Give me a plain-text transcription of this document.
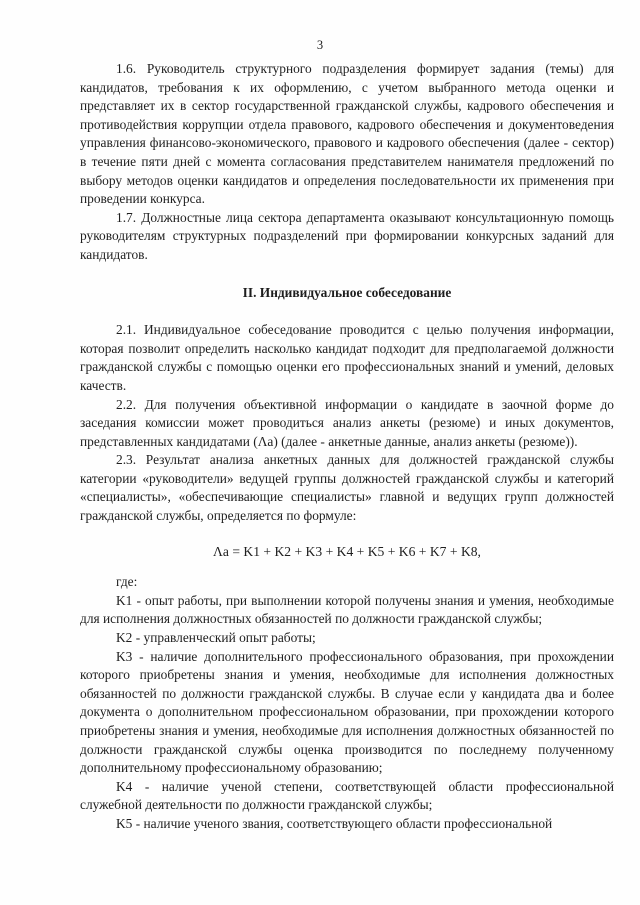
3

1.6. Руководитель структурного подразделения формирует задания (темы) для кандидатов, требования к их оформлению, с учетом выбранного метода оценки и представляет их в сектор государственной гражданской службы, кадрового обеспечения и противодействия коррупции отдела правового, кадрового обеспечения и документоведения управления финансово-экономического, правового и кадрового обеспечения (далее - сектор) в течение пяти дней с момента согласования представителем нанимателя предложений по выбору методов оценки кандидатов и определения последовательности их применения при проведении конкурса.

1.7. Должностные лица сектора департамента оказывают консультационную помощь руководителям структурных подразделений при формировании конкурсных заданий для кандидатов.

II. Индивидуальное собеседование

2.1. Индивидуальное собеседование проводится с целью получения информации, которая позволит определить насколько кандидат подходит для предполагаемой должности гражданской службы с помощью оценки его профессиональных знаний и умений, деловых качеств.

2.2. Для получения объективной информации о кандидате в заочной форме до заседания комиссии может проводиться анализ анкеты (резюме) и иных документов, представленных кандидатами (Λа) (далее - анкетные данные, анализ анкеты (резюме)).

2.3. Результат анализа анкетных данных для должностей гражданской службы категории «руководители» ведущей группы должностей гражданской службы и категорий «специалисты», «обеспечивающие специалисты» главной и ведущих групп должностей гражданской службы, определяется по формуле:

Λа = K1 + K2 + K3 + K4 + K5 + K6 + K7 + K8,

где:

K1 - опыт работы, при выполнении которой получены знания и умения, необходимые для исполнения должностных обязанностей по должности гражданской службы;

K2 - управленческий опыт работы;

K3 - наличие дополнительного профессионального образования, при прохождении которого приобретены знания и умения, необходимые для исполнения должностных обязанностей по должности гражданской службы. В случае если у кандидата два и более документа о дополнительном профессиональном образовании, при прохождении которого приобретены знания и умения, необходимые для исполнения должностных обязанностей по должности гражданской службы оценка производится по последнему полученному дополнительному профессиональному образованию;

K4 - наличие ученой степени, соответствующей области профессиональной служебной деятельности по должности гражданской службы;

K5 - наличие ученого звания, соответствующего области профессиональной
